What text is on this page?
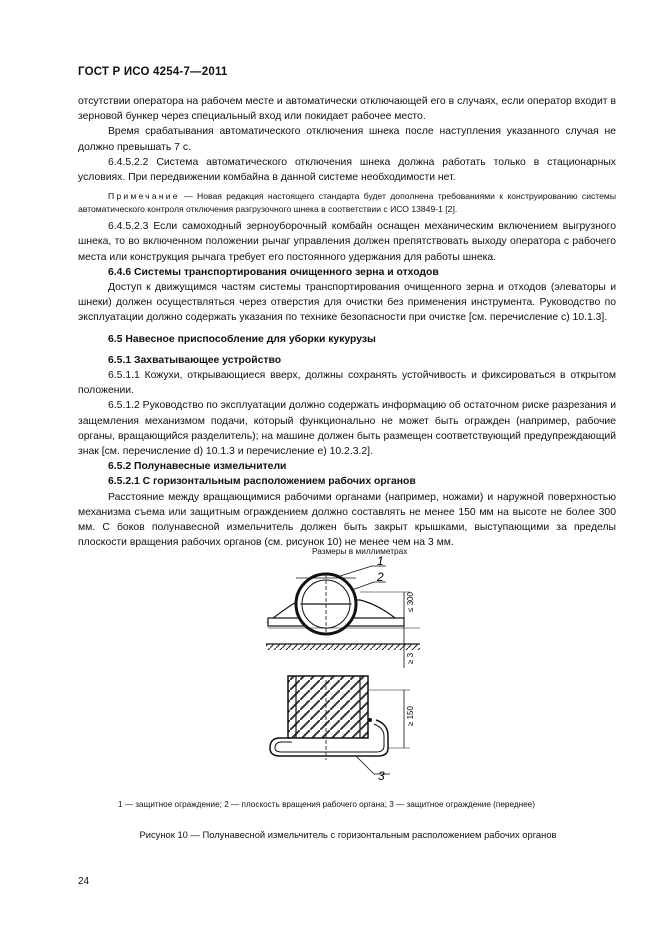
ГОСТ Р ИСО 4254-7—2011

отсутствии оператора на рабочем месте и автоматически отключающей его в случаях, если оператор входит в зерновой бункер через специальный вход или покидает рабочее место.

Время срабатывания автоматического отключения шнека после наступления указанного случая не должно превышать 7 с.

6.4.5.2.2 Система автоматического отключения шнека должна работать только в стационарных условиях. При передвижении комбайна в данной системе необходимости нет.

Примечание — Новая редакция настоящего стандарта будет дополнена требованиями к конструированию системы автоматического контроля отключения разгрузочного шнека в соответствии с ИСО 13849-1 [2].

6.4.5.2.3 Если самоходный зерноуборочный комбайн оснащен механическим включением выгрузного шнека, то во включенном положении рычаг управления должен препятствовать выходу оператора с рабочего места или конструкция рычага требует его постоянного удержания для работы шнека.

6.4.6 Системы транспортирования очищенного зерна и отходов

Доступ к движущимся частям системы транспортирования очищенного зерна и отходов (элеваторы и шнеки) должен осуществляться через отверстия для очистки без применения инструмента. Руководство по эксплуатации должно содержать указания по технике безопасности при очистке [см. перечисление с) 10.1.3].

6.5 Навесное приспособление для уборки кукурузы

6.5.1 Захватывающее устройство

6.5.1.1 Кожухи, открывающиеся вверх, должны сохранять устойчивость и фиксироваться в открытом положении.

6.5.1.2 Руководство по эксплуатации должно содержать информацию об остаточном риске разрезания и защемления механизмом подачи, который функционально не может быть огражден (например, рабочие органы, вращающийся разделитель); на машине должен быть размещен соответствующий предупреждающий знак [см. перечисление d) 10.1.3 и перечисление е) 10.2.3.2].

6.5.2 Полунавесные измельчители

6.5.2.1 С горизонтальным расположением рабочих органов

Расстояние между вращающимися рабочими органами (например, ножами) и наружной поверхностью механизма съема или защитным ограждением должно составлять не менее 150 мм на высоте не более 300 мм. С боков полунавесной измельчитель должен быть закрыт крышками, выступающими за пределы плоскости вращения рабочих органов (см. рисунок 10) не менее чем на 3 мм.

Размеры в миллиметрах
1
2
3
≤ 300
≥ 3
≥ 150
1 — защитное ограждение; 2 — плоскость вращения рабочего органа; 3 — защитное ограждение (переднее)
Рисунок 10 — Полунавесной измельчитель с горизонтальным расположением рабочих органов
24
